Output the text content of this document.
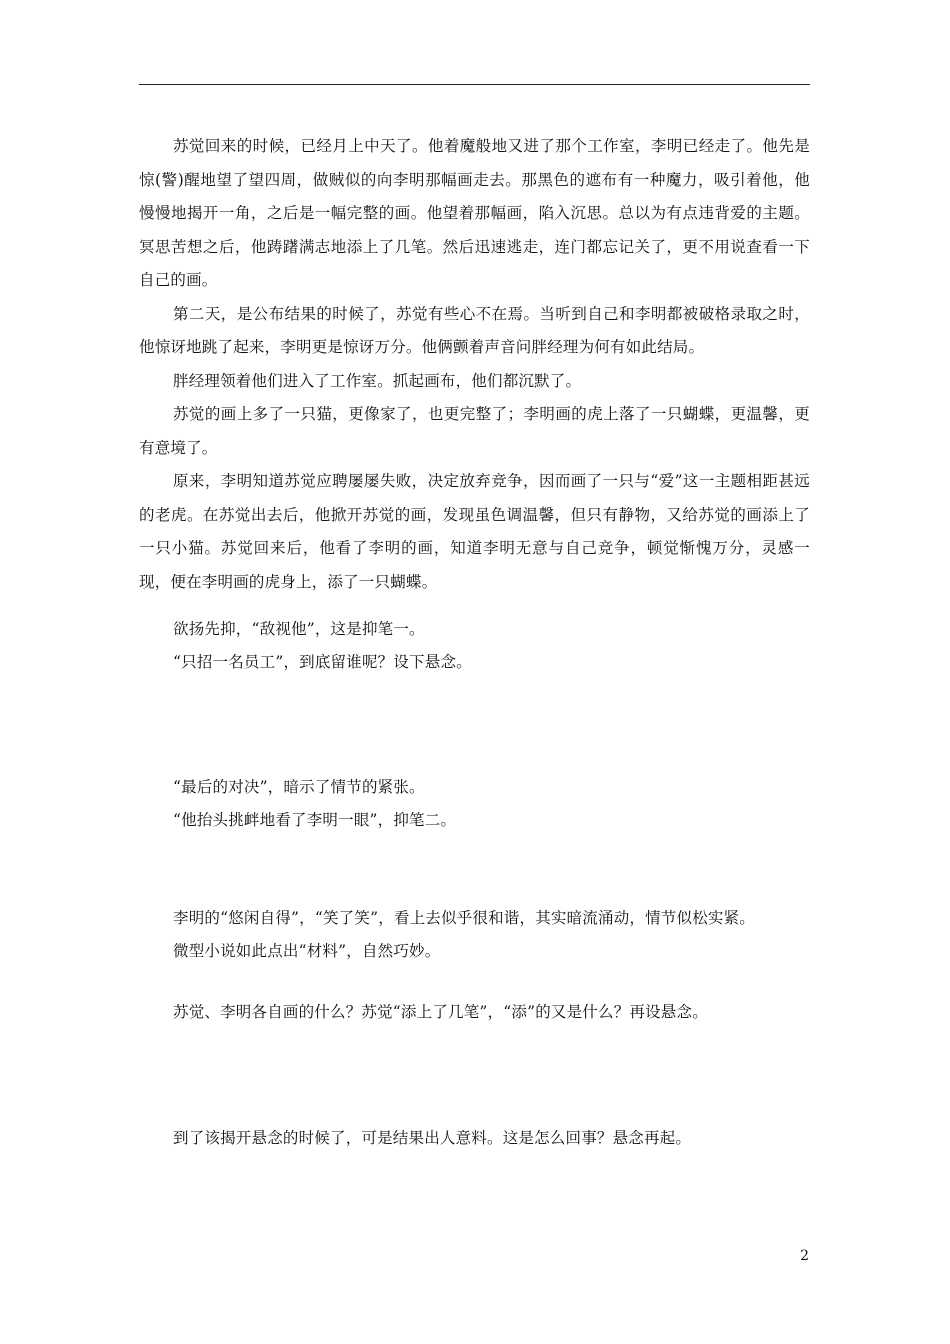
苏觉回来的时候，已经月上中天了。他着魔般地又进了那个工作室，李明已经走了。他先是惊(警)醒地望了望四周，做贼似的向李明那幅画走去。那黑色的遮布有一种魔力，吸引着他，他慢慢地揭开一角，之后是一幅完整的画。他望着那幅画，陷入沉思。总以为有点违背爱的主题。冥思苦想之后，他踌躇满志地添上了几笔。然后迅速逃走，连门都忘记关了，更不用说查看一下自己的画。

第二天，是公布结果的时候了，苏觉有些心不在焉。当听到自己和李明都被破格录取之时，他惊讶地跳了起来，李明更是惊讶万分。他俩颤着声音问胖经理为何有如此结局。

胖经理领着他们进入了工作室。抓起画布，他们都沉默了。

苏觉的画上多了一只猫，更像家了，也更完整了；李明画的虎上落了一只蝴蝶，更温馨，更有意境了。

原来，李明知道苏觉应聘屡屡失败，决定放弃竞争，因而画了一只与“爱”这一主题相距甚远的老虎。在苏觉出去后，他掀开苏觉的画，发现虽色调温馨，但只有静物，又给苏觉的画添上了一只小猫。苏觉回来后，他看了李明的画，知道李明无意与自己竞争，顿觉惭愧万分，灵感一现，便在李明画的虎身上，添了一只蝴蝶。

欲扬先抑，“敌视他”，这是抑笔一。
“只招一名员工”，到底留谁呢？设下悬念。
“最后的对决”，暗示了情节的紧张。
“他抬头挑衅地看了李明一眼”，抑笔二。
李明的“悠闲自得”，“笑了笑”，看上去似乎很和谐，其实暗流涌动，情节似松实紧。
微型小说如此点出“材料”，自然巧妙。
苏觉、李明各自画的什么？苏觉“添上了几笔”，“添”的又是什么？再设悬念。
到了该揭开悬念的时候了，可是结果出人意料。这是怎么回事？悬念再起。
2
